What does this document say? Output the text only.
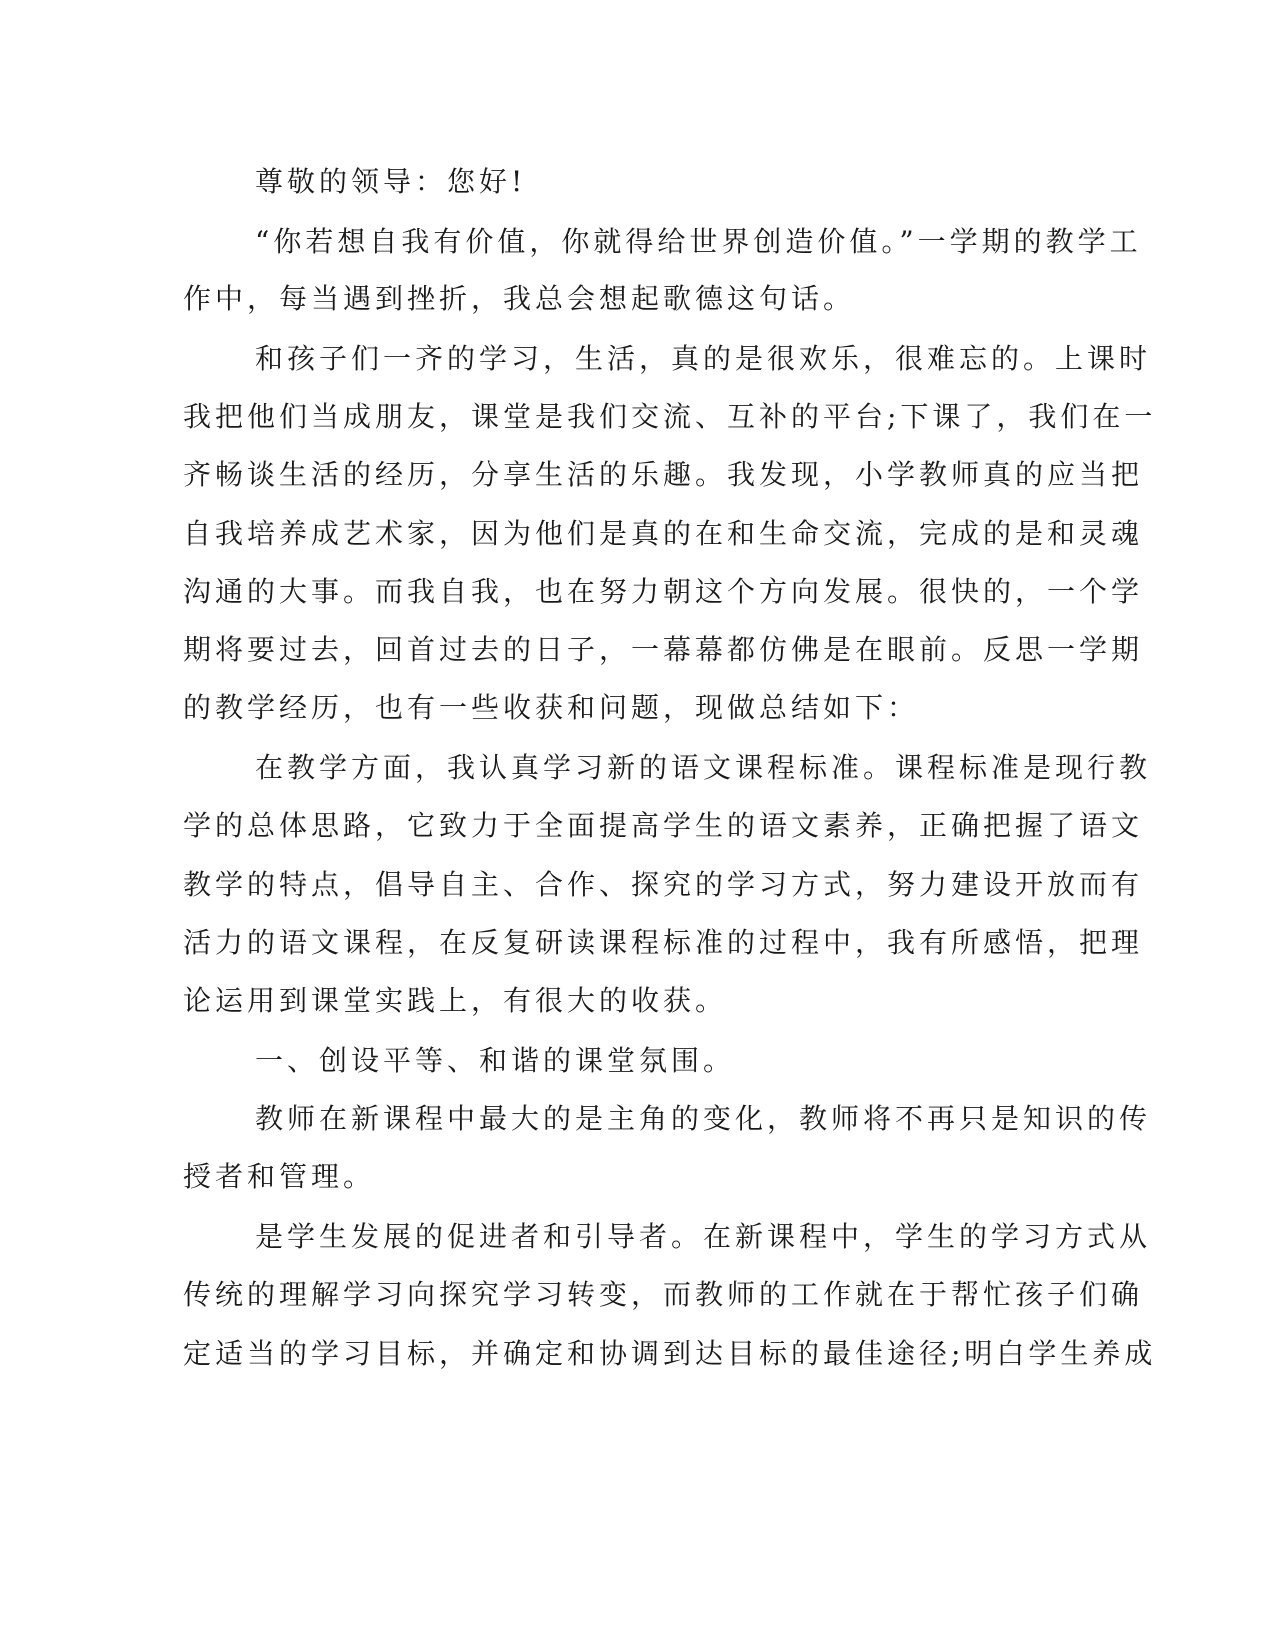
尊敬的领导：您好!
“你若想自我有价值，你就得给世界创造价值。”一学期的教学工
作中，每当遇到挫折，我总会想起歌德这句话。
和孩子们一齐的学习，生活，真的是很欢乐，很难忘的。上课时
我把他们当成朋友，课堂是我们交流、互补的平台;下课了，我们在一
齐畅谈生活的经历，分享生活的乐趣。我发现，小学教师真的应当把
自我培养成艺术家，因为他们是真的在和生命交流，完成的是和灵魂
沟通的大事。而我自我，也在努力朝这个方向发展。很快的，一个学
期将要过去，回首过去的日子，一幕幕都仿佛是在眼前。反思一学期
的教学经历，也有一些收获和问题，现做总结如下：
在教学方面，我认真学习新的语文课程标准。课程标准是现行教
学的总体思路，它致力于全面提高学生的语文素养，正确把握了语文
教学的特点，倡导自主、合作、探究的学习方式，努力建设开放而有
活力的语文课程，在反复研读课程标准的过程中，我有所感悟，把理
论运用到课堂实践上，有很大的收获。
一、创设平等、和谐的课堂氛围。
教师在新课程中最大的是主角的变化，教师将不再只是知识的传
授者和管理。
是学生发展的促进者和引导者。在新课程中，学生的学习方式从
传统的理解学习向探究学习转变，而教师的工作就在于帮忙孩子们确
定适当的学习目标，并确定和协调到达目标的最佳途径;明白学生养成
